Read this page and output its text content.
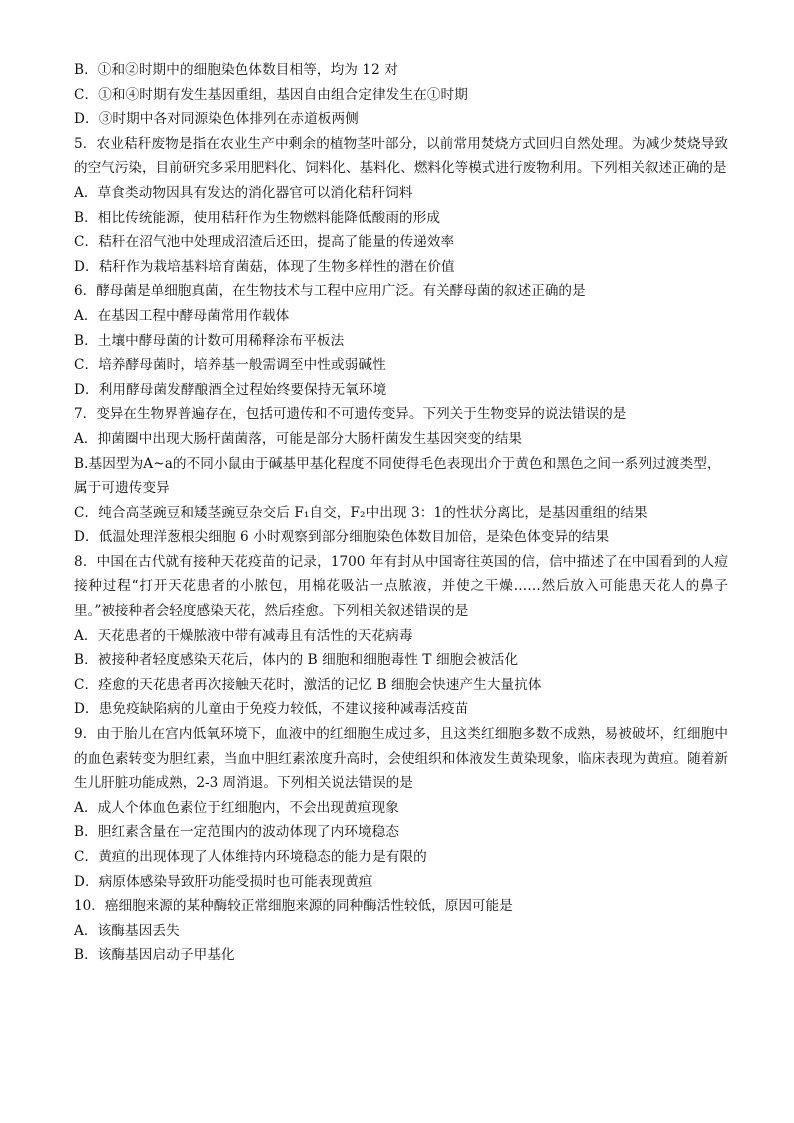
B．①和②时期中的细胞染色体数目相等，均为 12 对
C．①和④时期有发生基因重组，基因自由组合定律发生在①时期
D．③时期中各对同源染色体排列在赤道板两侧
5．农业秸秆废物是指在农业生产中剩余的植物茎叶部分，以前常用焚烧方式回归自然处理。为减少焚烧导致的空气污染，目前研究多采用肥料化、饲料化、基料化、燃料化等模式进行废物利用。下列相关叙述正确的是
A．草食类动物因具有发达的消化器官可以消化秸秆饲料
B．相比传统能源，使用秸秆作为生物燃料能降低酸雨的形成
C．秸秆在沼气池中处理成沼渣后还田，提高了能量的传递效率
D．秸秆作为栽培基料培育菌菇，体现了生物多样性的潜在价值
6．酵母菌是单细胞真菌，在生物技术与工程中应用广泛。有关酵母菌的叙述正确的是
A．在基因工程中酵母菌常用作载体
B．土壤中酵母菌的计数可用稀释涂布平板法
C．培养酵母菌时，培养基一般需调至中性或弱碱性
D．利用酵母菌发酵酿酒全过程始终要保持无氧环境
7．变异在生物界普遍存在，包括可遗传和不可遗传变异。下列关于生物变异的说法错误的是
A．抑菌圈中出现大肠杆菌菌落，可能是部分大肠杆菌发生基因突变的结果
B.基因型为A~a的不同小鼠由于碱基甲基化程度不同使得毛色表现出介于黄色和黑色之间一系列过渡类型，属于可遗传变异
C．纯合高茎豌豆和矮茎豌豆杂交后 F₁自交，F₂中出现 3：1的性状分离比，是基因重组的结果
D．低温处理洋葱根尖细胞 6 小时观察到部分细胞染色体数目加倍，是染色体变异的结果
8．中国在古代就有接种天花疫苗的记录，1700 年有封从中国寄往英国的信，信中描述了在中国看到的人痘接种过程“打开天花患者的小脓包，用棉花吸沾一点脓液，并使之干燥……然后放入可能患天花人的鼻子里。”被接种者会轻度感染天花，然后痊愈。下列相关叙述错误的是
A．天花患者的干燥脓液中带有减毒且有活性的天花病毒
B．被接种者轻度感染天花后，体内的 B 细胞和细胞毒性 T 细胞会被活化
C．痊愈的天花患者再次接触天花时，激活的记忆 B 细胞会快速产生大量抗体
D．患免疫缺陷病的儿童由于免疫力较低，不建议接种减毒活疫苗
9．由于胎儿在宫内低氧环境下，血液中的红细胞生成过多，且这类红细胞多数不成熟，易被破坏，红细胞中的血色素转变为胆红素，当血中胆红素浓度升高时，会使组织和体液发生黄染现象，临床表现为黄疸。随着新生儿肝脏功能成熟，2-3 周消退。下列相关说法错误的是
A．成人个体血色素位于红细胞内，不会出现黄疸现象
B．胆红素含量在一定范围内的波动体现了内环境稳态
C．黄疸的出现体现了人体维持内环境稳态的能力是有限的
D．病原体感染导致肝功能受损时也可能表现黄疸
10．癌细胞来源的某种酶较正常细胞来源的同种酶活性较低，原因可能是
A．该酶基因丢失
B．该酶基因启动子甲基化
